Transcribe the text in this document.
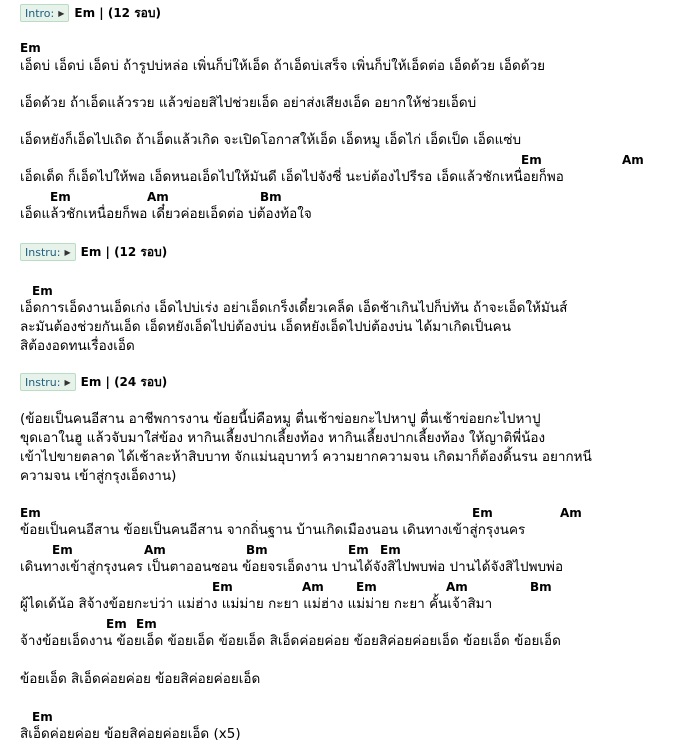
Intro: ▶ Em | (12 รอบ)
Em
เอ็ดบ่ เอ็ดบ่ เอ็ดบ่ ถ้ารูปบ่หล่อ เพิ่นก็บ่ให้เอ็ด ถ้าเอ็ดบ่เสร็จ เพิ่นก็บ่ให้เอ็ดต่อ เอ็ดด้วย เอ็ดด้วย
เอ็ดด้วย ถ้าเอ็ดแล้วรวย แล้วข่อยสิไปช่วยเอ็ด อย่าส่งเสียงเอ็ด อยากให้ช่วยเอ็ดบ่
เอ็ดหยังก็เอ็ดไปเถิด ถ้าเอ็ดแล้วเกิด จะเปิดโอกาสให้เอ็ด เอ็ดหมู เอ็ดไก่ เอ็ดเป็ด เอ็ดแซ่บ
Em	Am
เอ็ดเด็ด ก็เอ็ดไปให้พอ เอ็ดหนอเอ็ดไปให้มันดี เอ็ดไปจังซี่ นะบ่ต้องไปรีรอ เอ็ดแล้วชักเหนื่อยก็พอ
Em	Am	Bm
เอ็ดแล้วชักเหนื่อยก็พอ เดี๋ยวค่อยเอ็ดต่อ บ่ต้องท้อใจ
Instru: ▶ Em | (12 รอบ)
Em
เอ็ดการเอ็ดงานเอ็ดเก่ง เอ็ดไปบ่เร่ง อย่าเอ็ดเกร็งเดี๋ยวเคล็ด เอ็ดช้าเกินไปก็บ่ทัน ถ้าจะเอ็ดให้มันส์
ละมันต้องช่วยกันเอ็ด เอ็ดหยังเอ็ดไปบ่ต้องบ่น เอ็ดหยังเอ็ดไปบ่ต้องบ่น ได้มาเกิดเป็นคน
สิต้องอดทนเรื่องเอ็ด
Instru: ▶ Em | (24 รอบ)
(ข้อยเป็นคนอีสาน อาชีพการงาน ข้อยนี้บ่คือหมู ตื่นเช้าข่อยกะไปหาปู ตื่นเช้าข่อยกะไปหาปู
ขุดเอาในฮู แล้วจับมาใส่ข้อง หากินเลี้ยงปากเลี้ยงท้อง หากินเลี้ยงปากเลี้ยงท้อง ให้ญาติพี่น้อง
เข้าไปขายตลาด ได้เช้าละห้าสิบบาท จักแม่นอุบาทว์ ความยากความจน เกิดมาก็ต้องดิ้นรน อยากหนี
ความจน เข้าสู่กรุงเอ็ดงาน)
Em	Em	Am
ข้อยเป็นคนอีสาน ข้อยเป็นคนอีสาน จากถิ่นฐาน บ้านเกิดเมืองนอน เดินทางเข้าสู่กรุงนคร
Em	Am	Bm	Em Em
เดินทางเข้าสู่กรุงนคร เป็นตาออนซอน ข้อยจรเอ็ดงาน ปานได้จังสิไปพบพ่อ ปานได้จังสิไปพบพ่อ
Em	Am	Em	Am	Bm
ผู้ไดเด้น้อ สิจ้างข้อยกะบ่ว่า แม่ฮ่าง แม่ม่าย กะยา แม่ฮ่าง แม่ม่าย กะยา คั้นเจ้าสิมา
Em Em
จ้างข้อยเอ็ดงาน ข้อยเอ็ด ข้อยเอ็ด ข้อยเอ็ด สิเอ็ดค่อยค่อย ข้อยสิค่อยค่อยเอ็ด ข้อยเอ็ด ข้อยเอ็ด
ข้อยเอ็ด สิเอ็ดค่อยค่อย ข้อยสิค่อยค่อยเอ็ด
Em
สิเอ็ดค่อยค่อย ข้อยสิค่อยค่อยเอ็ด (x5)
